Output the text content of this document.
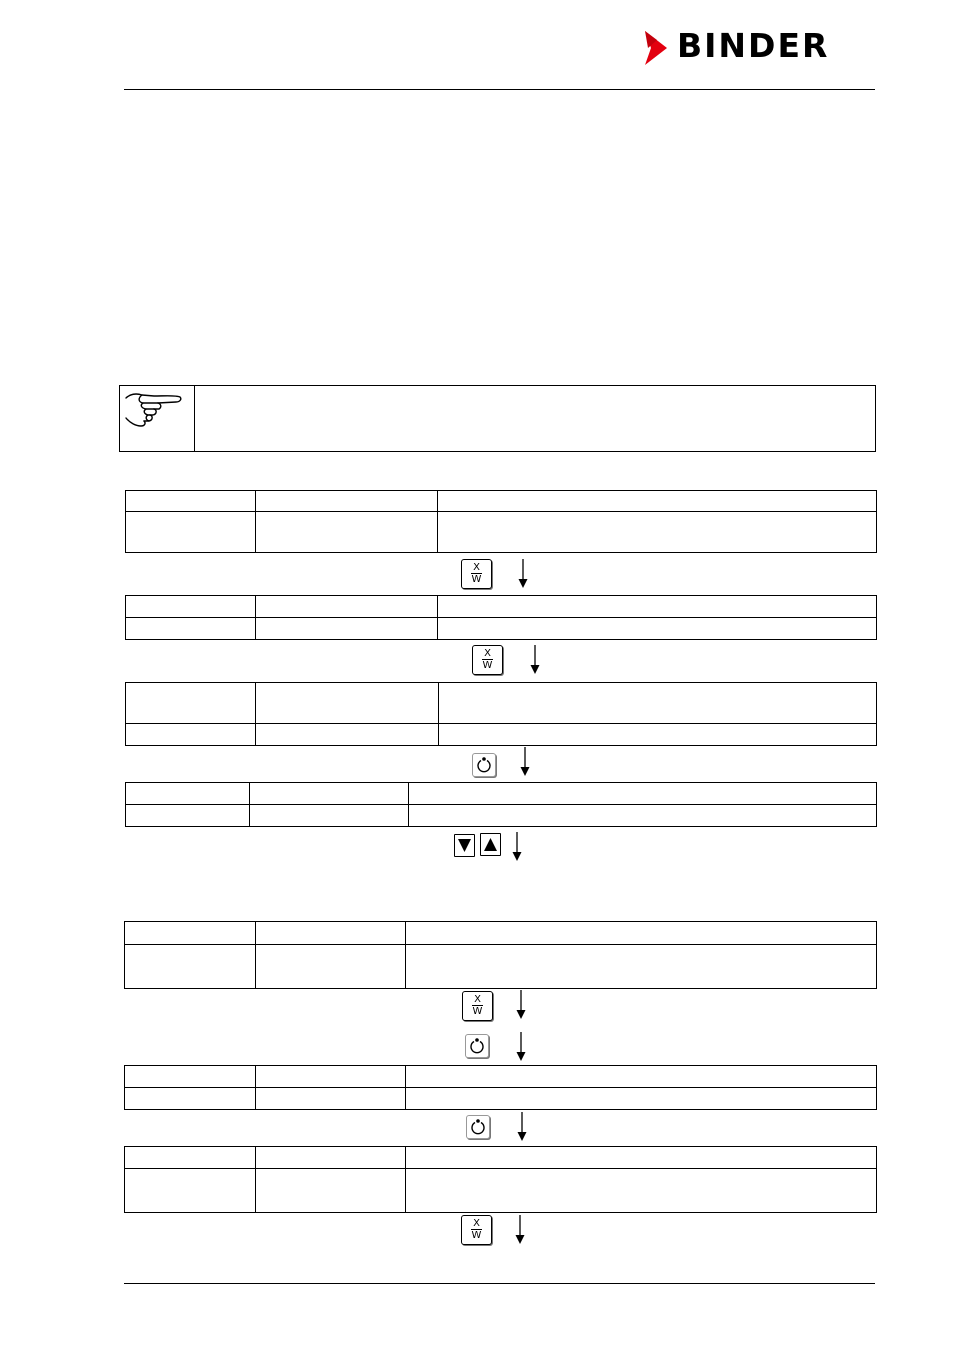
BINDER

X
W

X
W

X
W

X
W
